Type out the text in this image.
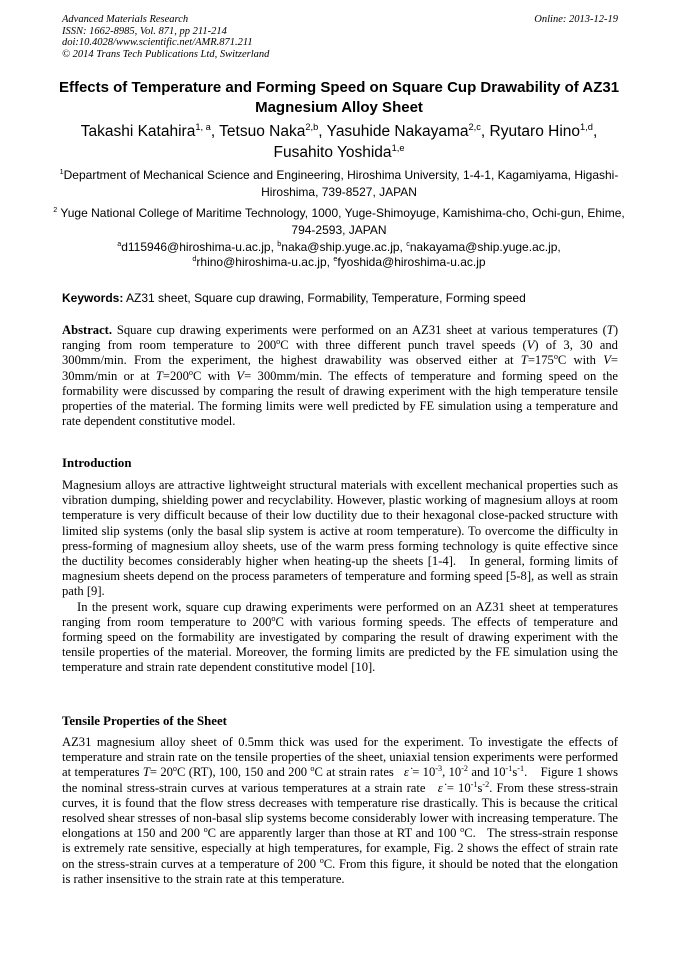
Advanced Materials Research
ISSN: 1662-8985, Vol. 871, pp 211-214
doi:10.4028/www.scientific.net/AMR.871.211
© 2014 Trans Tech Publications Ltd, Switzerland
Online: 2013-12-19
Effects of Temperature and Forming Speed on Square Cup Drawability of AZ31 Magnesium Alloy Sheet
Takashi Katahira$^{1, a}$, Tetsuo Naka$^{2,b}$, Yasuhide Nakayama$^{2,c}$, Ryutaro Hino$^{1,d}$,
Fusahito Yoshida$^{1,e}$
$^1$Department of Mechanical Science and Engineering, Hiroshima University, 1-4-1, Kagamiyama, Higashi-Hiroshima, 739-8527, JAPAN
$^2$ Yuge National College of Maritime Technology, 1000, Yuge-Shimoyuge, Kamishima-cho, Ochi-gun, Ehime, 794-2593, JAPAN
$^a$d115946@hiroshima-u.ac.jp, $^b$naka@ship.yuge.ac.jp, $^c$nakayama@ship.yuge.ac.jp,
$^d$rhino@hiroshima-u.ac.jp, $^e$fyoshida@hiroshima-u.ac.jp
Keywords: AZ31 sheet, Square cup drawing, Formability, Temperature, Forming speed

Abstract. Square cup drawing experiments were performed on an AZ31 sheet at various temperatures (T) ranging from room temperature to 200$^o$C with three different punch travel speeds (V) of 3, 30 and 300mm/min. From the experiment, the highest drawability was observed either at $T=175^oC$ with V= 30mm/min or at $T=200^oC$ with V= 300mm/min. The effects of temperature and forming speed on the formability were discussed by comparing the result of drawing experiment with the high temperature tensile properties of the material. The forming limits were well predicted by FE simulation using a temperature and rate dependent constitutive model.

Introduction

Magnesium alloys are attractive lightweight structural materials with excellent mechanical properties such as vibration dumping, shielding power and recyclability. However, plastic working of magnesium alloys at room temperature is very difficult because of their low ductility due to their hexagonal close-packed structure with limited slip systems (only the basal slip system is active at room temperature). To overcome the difficulty in press-forming of magnesium alloy sheets, use of the warm press forming technology is quite effective since the ductility becomes considerably higher when heating-up the sheets [1-4].   In general, forming limits of magnesium sheets depend on the process parameters of temperature and forming speed [5-8], as well as strain path [9].

In the present work, square cup drawing experiments were performed on an AZ31 sheet at temperatures ranging from room temperature to 200$^o$C with various forming speeds. The effects of temperature and forming speed on the formability are investigated by comparing the result of drawing experiment with the tensile properties of the material. Moreover, the forming limits are predicted by the FE simulation using the temperature and strain rate dependent constitutive model [10].

Tensile Properties of the Sheet

AZ31 magnesium alloy sheet of 0.5mm thick was used for the experiment. To investigate the effects of temperature and strain rate on the tensile properties of the sheet, uniaxial tension experiments were performed at temperatures $T= 20^oC$ (RT), 100, 150 and 200 $^o$C at strain rates   ε̇ = $10^{-3}$, $10^{-2}$ and $10^{-1}s^{-1}$.    Figure 1 shows the nominal stress-strain curves at various temperatures at a strain rate   ε̇ = $10^{-1}s^{-2}$. From these stress-strain curves, it is found that the flow stress decreases with temperature rise drastically. This is because the critical resolved shear stresses of non-basal slip systems become considerably lower with increasing temperature. The elongations at 150 and 200 $^o$C are apparently larger than those at RT and 100 $^o$C.   The stress-strain response is extremely rate sensitive, especially at high temperatures, for example, Fig. 2 shows the effect of strain rate on the stress-strain curves at a temperature of 200 $^o$C. From this figure, it should be noted that the elongation is rather insensitive to the strain rate at this temperature.
